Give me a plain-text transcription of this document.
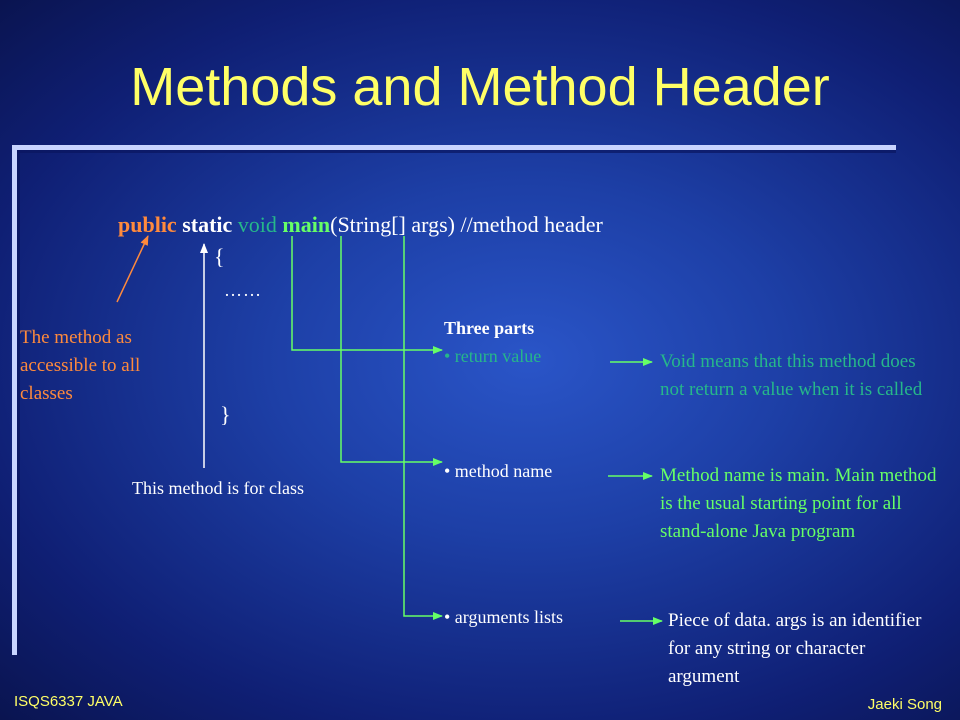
Methods and Method Header
public static void main(String[] args) //method header
{
……
}
The method as accessible to all classes
This method is for class
Three parts
• return value
• method name
• arguments lists
Void means that this method does not return a value when it is called
Method name is main. Main method is the usual starting point for all stand-alone Java program
Piece of data. args is an identifier for any string or character argument
ISQS6337 JAVA	Jaeki Song
